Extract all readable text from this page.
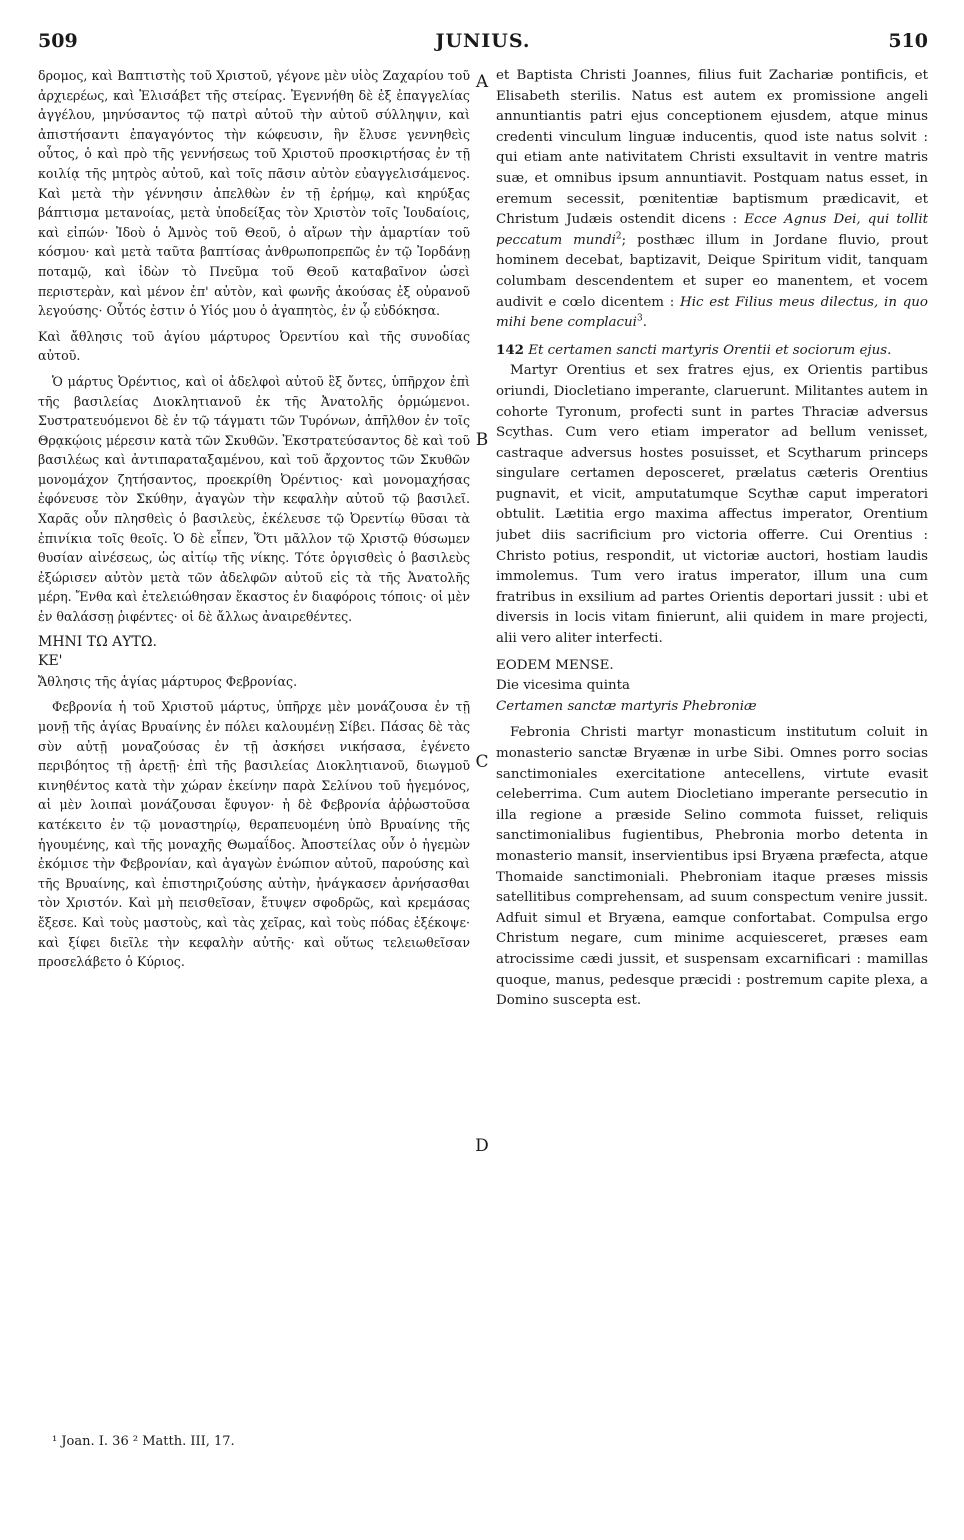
509	JUNIUS.	510
A
B
C
D

δρομος, καὶ Βαπτιστὴς τοῦ Χριστοῦ, γέγονε μὲν υἱὸς Ζαχαρίου τοῦ ἀρχιερέως, καὶ Ἐλισάβετ τῆς στείρας. Ἐγεννήθη δὲ ἐξ ἐπαγγελίας ἀγγέλου, μηνύσαντος τῷ πατρὶ αὐτοῦ τὴν αὐτοῦ σύλληψιν, καὶ ἀπιστήσαντι ἐπαγαγόντος τὴν κώφευσιν, ἣν ἔλυσε γεννηθεὶς οὗτος, ὁ καὶ πρὸ τῆς γεννήσεως τοῦ Χριστοῦ προσκιρτήσας ἐν τῇ κοιλίᾳ τῆς μητρὸς αὐτοῦ, καὶ τοῖς πᾶσιν αὐτὸν εὐαγγελισάμενος. Καὶ μετὰ τὴν γέννησιν ἀπελθὼν ἐν τῇ ἐρήμῳ, καὶ κηρύξας βάπτισμα μετανοίας, μετὰ ὑποδείξας τὸν Χριστὸν τοῖς Ἰουδαίοις, καὶ εἰπών· Ἰδοὺ ὁ Ἀμνὸς τοῦ Θεοῦ, ὁ αἴρων τὴν ἁμαρτίαν τοῦ κόσμου· καὶ μετὰ ταῦτα βαπτίσας ἀνθρωποπρεπῶς ἐν τῷ Ἰορδάνῃ ποταμῷ, καὶ ἰδὼν τὸ Πνεῦμα τοῦ Θεοῦ καταβαῖνον ὡσεὶ περιστερὰν, καὶ μένον ἐπ' αὐτὸν, καὶ φωνῆς ἀκούσας ἐξ οὐρανοῦ λεγούσης· Οὗτός ἐστιν ὁ Υἱός μου ὁ ἀγαπητὸς, ἐν ᾧ εὐδόκησα.

Καὶ ἄθλησις τοῦ ἁγίου μάρτυρος Ὀρεντίου καὶ τῆς συνοδίας αὐτοῦ.

Ὁ μάρτυς Ὀρέντιος, καὶ οἱ ἀδελφοὶ αὐτοῦ ἓξ ὄντες, ὑπῆρχον ἐπὶ τῆς βασιλείας Διοκλητιανοῦ ἐκ τῆς Ἀνατολῆς ὁρμώμενοι. Συστρατευόμενοι δὲ ἐν τῷ τάγματι τῶν Τυρόνων, ἀπῆλθον ἐν τοῖς Θρᾳκῴοις μέρεσιν κατὰ τῶν Σκυθῶν. Ἐκστρατεύσαντος δὲ καὶ τοῦ βασιλέως καὶ ἀντιπαραταξαμένου, καὶ τοῦ ἄρχοντος τῶν Σκυθῶν μονομάχον ζητήσαντος, προεκρίθη Ὀρέντιος· καὶ μονομαχήσας ἐφόνευσε τὸν Σκύθην, ἀγαγὼν τὴν κεφαλὴν αὐτοῦ τῷ βασιλεῖ. Χαρᾶς οὖν πλησθεὶς ὁ βασιλεὺς, ἐκέλευσε τῷ Ὀρεντίῳ θῦσαι τὰ ἐπινίκια τοῖς θεοῖς. Ὁ δὲ εἶπεν, Ὅτι μᾶλλον τῷ Χριστῷ θύσωμεν θυσίαν αἰνέσεως, ὡς αἰτίῳ τῆς νίκης. Τότε ὀργισθεὶς ὁ βασιλεὺς ἐξώρισεν αὐτὸν μετὰ τῶν ἀδελφῶν αὐτοῦ εἰς τὰ τῆς Ἀνατολῆς μέρη. Ἔνθα καὶ ἐτελειώθησαν ἕκαστος ἐν διαφόροις τόποις· οἱ μὲν ἐν θαλάσσῃ ῥιφέντες· οἱ δὲ ἄλλως ἀναιρεθέντες.

ΜΗΝΙ ΤΩ ΑΥΤΩ.

ΚΕ'

Ἄθλησις τῆς ἁγίας μάρτυρος Φεβρονίας.

Φεβρονία ἡ τοῦ Χριστοῦ μάρτυς, ὑπῆρχε μὲν μονάζουσα ἐν τῇ μονῇ τῆς ἁγίας Βρυαίνης ἐν πόλει καλουμένῃ Σίβει. Πάσας δὲ τὰς σὺν αὐτῇ μοναζούσας ἐν τῇ ἀσκήσει νικήσασα, ἐγένετο περιβόητος τῇ ἀρετῇ· ἐπὶ τῆς βασιλείας Διοκλητιανοῦ, διωγμοῦ κινηθέντος κατὰ τὴν χώραν ἐκείνην παρὰ Σελίνου τοῦ ἡγεμόνος, αἱ μὲν λοιπαὶ μονάζουσαι ἔφυγον· ἡ δὲ Φεβρονία ἀῤῥωστοῦσα κατέκειτο ἐν τῷ μοναστηρίῳ, θεραπευομένη ὑπὸ Βρυαίνης τῆς ἡγουμένης, καὶ τῆς μοναχῆς Θωμαΐδος. Ἀποστείλας οὖν ὁ ἡγεμὼν ἐκόμισε τὴν Φεβρονίαν, καὶ ἀγαγὼν ἐνώπιον αὐτοῦ, παρούσης καὶ τῆς Βρυαίνης, καὶ ἐπιστηριζούσης αὐτὴν, ἠνάγκασεν ἀρνήσασθαι τὸν Χριστόν. Καὶ μὴ πεισθεῖσαν, ἔτυψεν σφοδρῶς, καὶ κρεμάσας ἔξεσε. Καὶ τοὺς μαστοὺς, καὶ τὰς χεῖρας, καὶ τοὺς πόδας ἐξέκοψε· καὶ ξίφει διεῖλε τὴν κεφαλὴν αὐτῆς· καὶ οὕτως τελειωθεῖσαν προσελάβετο ὁ Κύριος.

et Baptista Christi Joannes, filius fuit Zachariæ pontificis, et Elisabeth sterilis. Natus est autem ex promissione angeli annuntiantis patri ejus conceptionem ejusdem, atque minus credenti vinculum linguæ inducentis, quod iste natus solvit : qui etiam ante nativitatem Christi exsultavit in ventre matris suæ, et omnibus ipsum annuntiavit. Postquam natus esset, in eremum secessit, pœnitentiæ baptismum prædicavit, et Christum Judæis ostendit dicens : Ecce Agnus Dei, qui tollit peccatum mundi$^2$; posthæc illum in Jordane fluvio, prout hominem decebat, baptizavit, Deique Spiritum vidit, tanquam columbam descendentem et super eo manentem, et vocem audivit e cœlo dicentem : Hic est Filius meus dilectus, in quo mihi bene complacui$^3$.

142 Et certamen sancti martyris Orentii et sociorum ejus.

Martyr Orentius et sex fratres ejus, ex Orientis partibus oriundi, Diocletiano imperante, claruerunt. Militantes autem in cohorte Tyronum, profecti sunt in partes Thraciæ adversus Scythas. Cum vero etiam imperator ad bellum venisset, castraque adversus hostes posuisset, et Scytharum princeps singulare certamen deposceret, prælatus cæteris Orentius pugnavit, et vicit, amputatumque Scythæ caput imperatori obtulit. Lætitia ergo maxima affectus imperator, Orentium jubet diis sacrificium pro victoria offerre. Cui Orentius : Christo potius, respondit, ut victoriæ auctori, hostiam laudis immolemus. Tum vero iratus imperator, illum una cum fratribus in exsilium ad partes Orientis deportari jussit : ubi et diversis in locis vitam finierunt, alii quidem in mare projecti, alii vero aliter interfecti.

EODEM MENSE.

Die vicesima quinta

Certamen sanctæ martyris Phebroniæ

Febronia Christi martyr monasticum institutum coluit in monasterio sanctæ Bryænæ in urbe Sibi. Omnes porro socias sanctimoniales exercitatione antecellens, virtute evasit celeberrima. Cum autem Diocletiano imperante persecutio in illa regione a præside Selino commota fuisset, reliquis sanctimonialibus fugientibus, Phebronia morbo detenta in monasterio mansit, inservientibus ipsi Bryæna præfecta, atque Thomaide sanctimoniali. Phebroniam itaque præses missis satellitibus comprehensam, ad suum conspectum venire jussit. Adfuit simul et Bryæna, eamque confortabat. Compulsa ergo Christum negare, cum minime acquiesceret, præses eam atrocissime cædi jussit, et suspensam excarnificari : mamillas quoque, manus, pedesque præcidi : postremum capite plexa, a Domino suscepta est.

¹ Joan. I. 36 ² Matth. III, 17.
